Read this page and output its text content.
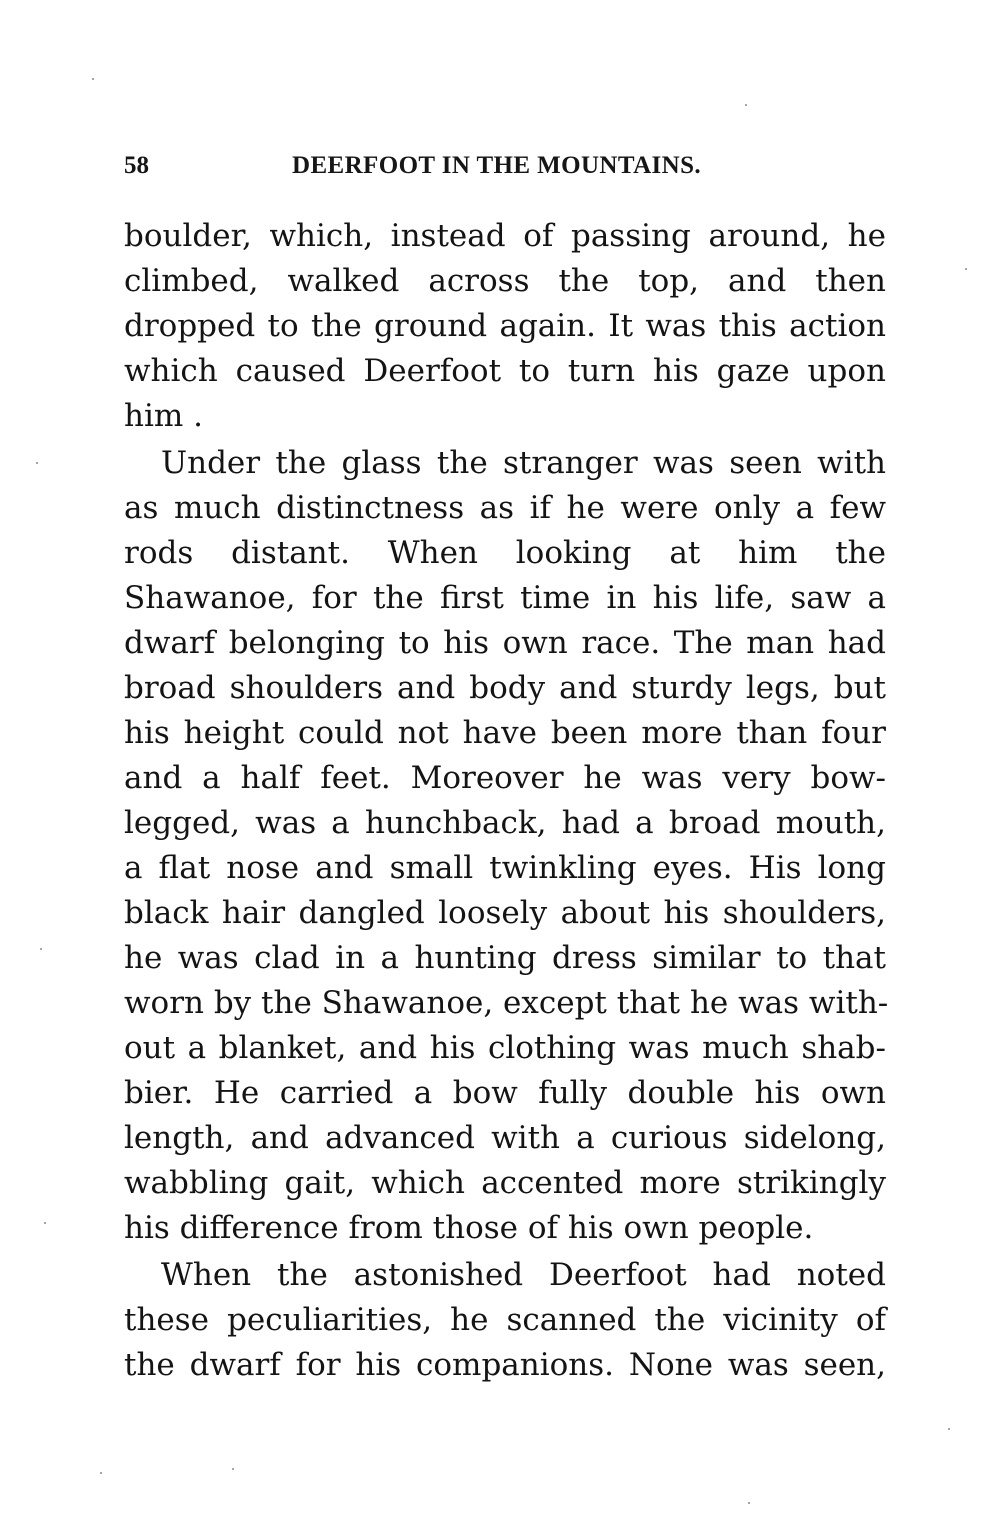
58	DEERFOOT IN THE MOUNTAINS.
boulder, which, instead of passing around, he
climbed, walked across the top, and then
dropped to the ground again. It was this action
which caused Deerfoot to turn his gaze upon
him .
Under the glass the stranger was seen with
as much distinctness as if he were only a few
rods distant. When looking at him the
Shawanoe, for the first time in his life, saw a
dwarf belonging to his own race. The man had
broad shoulders and body and sturdy legs, but
his height could not have been more than four
and a half feet. Moreover he was very bow-
legged, was a hunchback, had a broad mouth,
a flat nose and small twinkling eyes. His long
black hair dangled loosely about his shoulders,
he was clad in a hunting dress similar to that
worn by the Shawanoe, except that he was with-
out a blanket, and his clothing was much shab-
bier. He carried a bow fully double his own
length, and advanced with a curious sidelong,
wabbling gait, which accented more strikingly
his difference from those of his own people.
When the astonished Deerfoot had noted
these peculiarities, he scanned the vicinity of
the dwarf for his companions. None was seen,
